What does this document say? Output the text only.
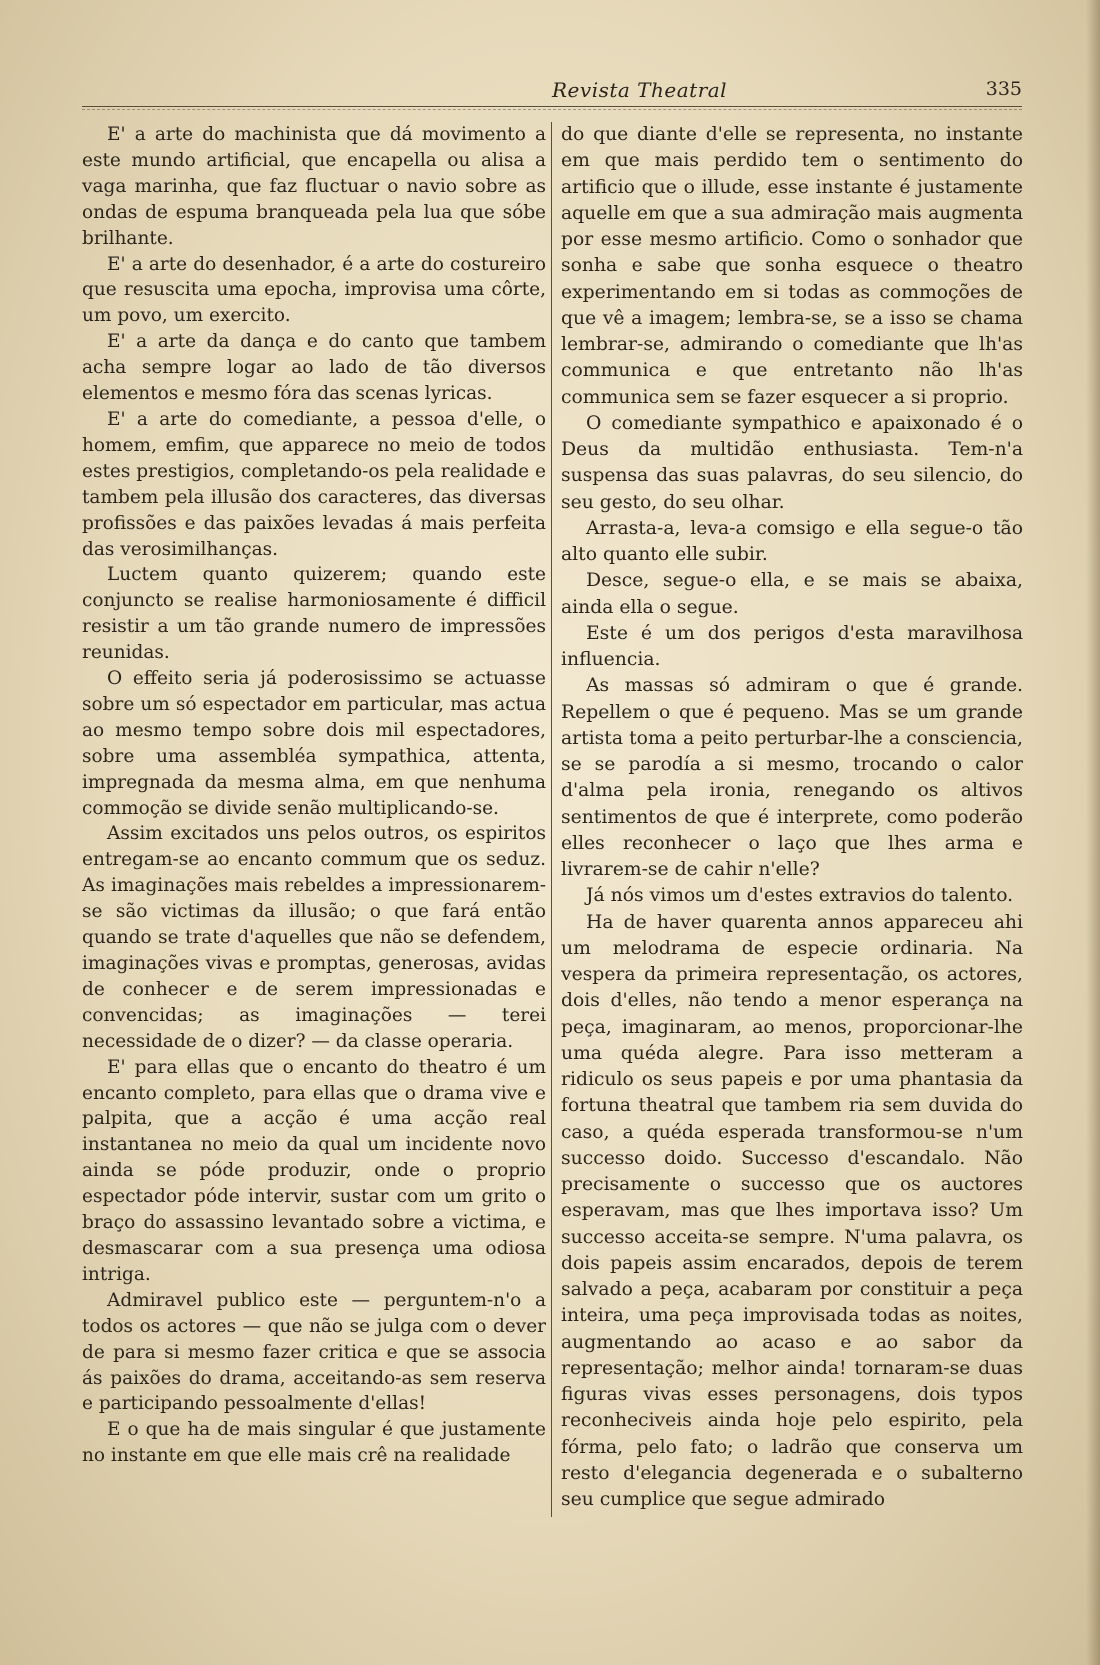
Revista Theatral	335

E' a arte do machinista que dá movimento a este mundo artificial, que encapella ou alisa a vaga marinha, que faz fluctuar o navio sobre as ondas de espuma branqueada pela lua que sóbe brilhante.

E' a arte do desenhador, é a arte do costureiro que resuscita uma epocha, improvisa uma côrte, um povo, um exercito.

E' a arte da dança e do canto que tambem acha sempre logar ao lado de tão diversos elementos e mesmo fóra das scenas lyricas.

E' a arte do comediante, a pessoa d'elle, o homem, emfim, que apparece no meio de todos estes prestigios, completando-os pela realidade e tambem pela illusão dos caracteres, das diversas profissões e das paixões levadas á mais perfeita das verosimilhanças.

Luctem quanto quizerem; quando este conjuncto se realise harmoniosamente é difficil resistir a um tão grande numero de impressões reunidas.

O effeito seria já poderosissimo se actuasse sobre um só espectador em particular, mas actua ao mesmo tempo sobre dois mil espectadores, sobre uma assembléa sympathica, attenta, impregnada da mesma alma, em que nenhuma commoção se divide senão multiplicando-se.

Assim excitados uns pelos outros, os espiritos entregam-se ao encanto commum que os seduz. As imaginações mais rebeldes a impressionarem-se são victimas da illusão; o que fará então quando se trate d'aquelles que não se defendem, imaginações vivas e promptas, generosas, avidas de conhecer e de serem impressionadas e convencidas; as imaginações — terei necessidade de o dizer? — da classe operaria.

E' para ellas que o encanto do theatro é um encanto completo, para ellas que o drama vive e palpita, que a acção é uma acção real instantanea no meio da qual um incidente novo ainda se póde produzir, onde o proprio espectador póde intervir, sustar com um grito o braço do assassino levantado sobre a victima, e desmascarar com a sua presença uma odiosa intriga.

Admiravel publico este — perguntem-n'o a todos os actores — que não se julga com o dever de para si mesmo fazer critica e que se associa ás paixões do drama, acceitando-as sem reserva e participando pessoalmente d'ellas!

E o que ha de mais singular é que justamente no instante em que elle mais crê na realidade

do que diante d'elle se representa, no instante em que mais perdido tem o sentimento do artificio que o illude, esse instante é justamente aquelle em que a sua admiração mais augmenta por esse mesmo artificio. Como o sonhador que sonha e sabe que sonha esquece o theatro experimentando em si todas as commoções de que vê a imagem; lembra-se, se a isso se chama lembrar-se, admirando o comediante que lh'as communica e que entretanto não lh'as communica sem se fazer esquecer a si proprio.

O comediante sympathico e apaixonado é o Deus da multidão enthusiasta. Tem-n'a suspensa das suas palavras, do seu silencio, do seu gesto, do seu olhar.

Arrasta-a, leva-a comsigo e ella segue-o tão alto quanto elle subir.

Desce, segue-o ella, e se mais se abaixa, ainda ella o segue.

Este é um dos perigos d'esta maravilhosa influencia.

As massas só admiram o que é grande. Repellem o que é pequeno. Mas se um grande artista toma a peito perturbar-lhe a consciencia, se se parodía a si mesmo, trocando o calor d'alma pela ironia, renegando os altivos sentimentos de que é interprete, como poderão elles reconhecer o laço que lhes arma e livrarem-se de cahir n'elle?

Já nós vimos um d'estes extravios do talento.

Ha de haver quarenta annos appareceu ahi um melodrama de especie ordinaria. Na vespera da primeira representação, os actores, dois d'elles, não tendo a menor esperança na peça, imaginaram, ao menos, proporcionar-lhe uma quéda alegre. Para isso metteram a ridiculo os seus papeis e por uma phantasia da fortuna theatral que tambem ria sem duvida do caso, a quéda esperada transformou-se n'um successo doido. Successo d'escandalo. Não precisamente o successo que os auctores esperavam, mas que lhes importava isso? Um successo acceita-se sempre. N'uma palavra, os dois papeis assim encarados, depois de terem salvado a peça, acabaram por constituir a peça inteira, uma peça improvisada todas as noites, augmentando ao acaso e ao sabor da representação; melhor ainda! tornaram-se duas figuras vivas esses personagens, dois typos reconheciveis ainda hoje pelo espirito, pela fórma, pelo fato; o ladrão que conserva um resto d'elegancia degenerada e o subalterno seu cumplice que segue admirado
